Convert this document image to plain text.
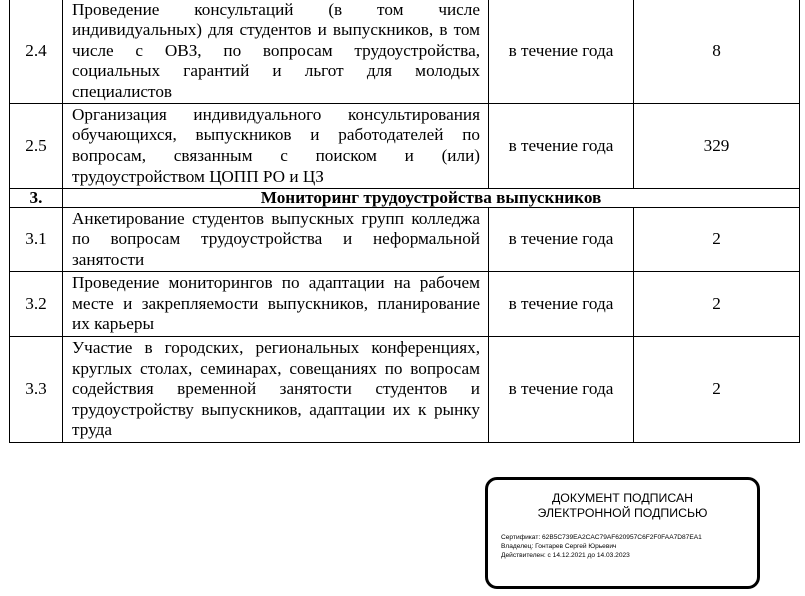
2.4	Проведение консультаций (в том числе индивидуальных) для студентов и выпускников, в том числе с ОВЗ, по вопросам трудоустройства, социальных гарантий и льгот для молодых специалистов	в течение года	8
2.5	Организация индивидуального консультирования обучающихся, выпускников и работодателей по вопросам, связанным с поиском и (или) трудоустройством ЦОПП РО и ЦЗ	в течение года	329
3.	Мониторинг трудоустройства выпускников		
3.1	Анкетирование студентов выпускных групп колледжа по вопросам трудоустройства и неформальной занятости	в течение года	2
3.2	Проведение мониторингов по адаптации на рабочем месте и закрепляемости выпускников, планирование их карьеры	в течение года	2
3.3	Участие в городских, региональных конференциях, круглых столах, семинарах, совещаниях по вопросам содействия временной занятости студентов и трудоустройству выпускников, адаптации их к рынку труда	в течение года	2
ДОКУМЕНТ ПОДПИСАН
ЭЛЕКТРОННОЙ ПОДПИСЬЮ
Сертификат: 62B5C739EA2CAC79AF620957C6F2F0FAA7D87EA1
Владелец: Гонтарев Сергей Юрьевич
Действителен: с 14.12.2021 до 14.03.2023
